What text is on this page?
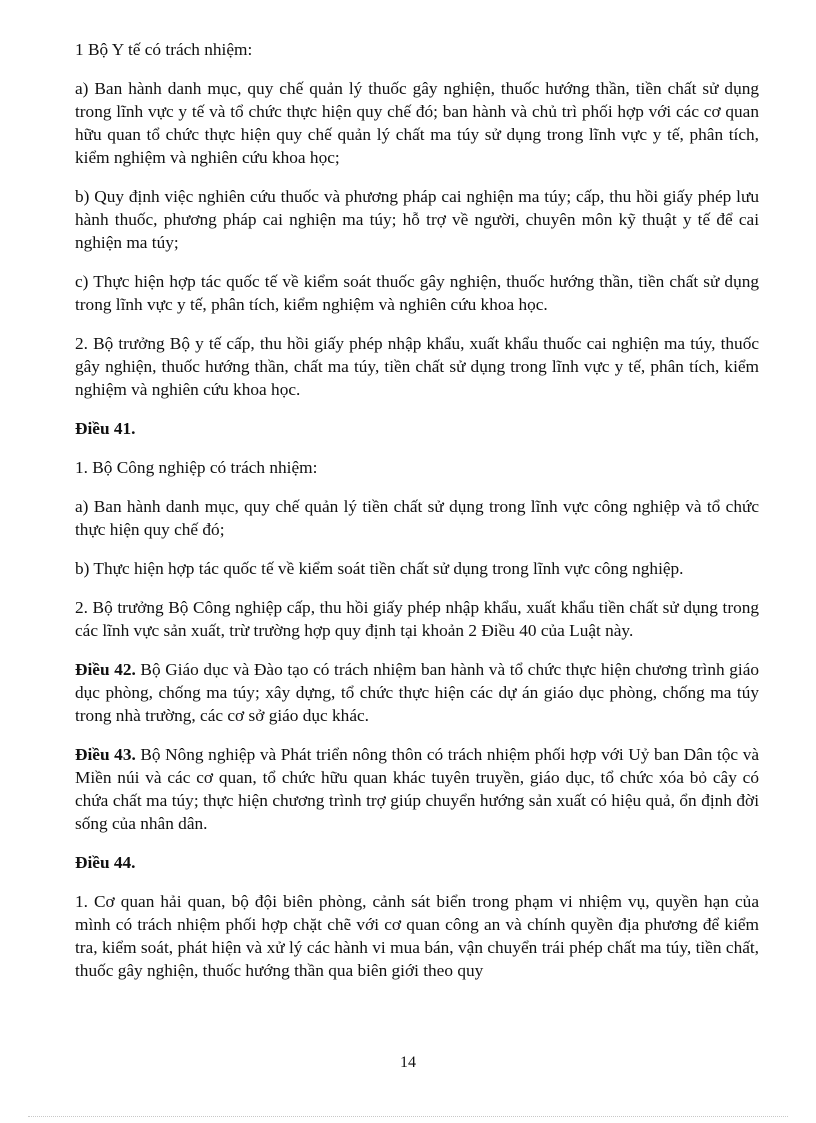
1 Bộ Y tế có trách nhiệm:

a) Ban hành danh mục, quy chế quản lý thuốc gây nghiện, thuốc hướng thần, tiền chất sử dụng trong lĩnh vực y tế và tổ chức thực hiện quy chế đó; ban hành và chủ trì phối hợp với các cơ quan hữu quan tổ chức thực hiện quy chế quản lý chất ma túy sử dụng trong lĩnh vực y tế, phân tích, kiểm nghiệm và nghiên cứu khoa học;

b) Quy định việc nghiên cứu thuốc và phương pháp cai nghiện ma túy; cấp, thu hồi giấy phép lưu hành thuốc, phương pháp cai nghiện ma túy; hỗ trợ về người, chuyên môn kỹ thuật y tế để cai nghiện ma túy;

c) Thực hiện hợp tác quốc tế về kiểm soát thuốc gây nghiện, thuốc hướng thần, tiền chất sử dụng trong lĩnh vực y tế, phân tích, kiểm nghiệm và nghiên cứu khoa học.

2. Bộ trưởng Bộ y tế cấp, thu hồi giấy phép nhập khẩu, xuất khẩu thuốc cai nghiện ma túy, thuốc gây nghiện, thuốc hướng thần, chất ma túy, tiền chất sử dụng trong lĩnh vực y tế, phân tích, kiểm nghiệm và nghiên cứu khoa học.

Điều 41.

1. Bộ Công nghiệp có trách nhiệm:

a) Ban hành danh mục, quy chế quản lý tiền chất sử dụng trong lĩnh vực công nghiệp và tổ chức thực hiện quy chế đó;

b) Thực hiện hợp tác quốc tế về kiểm soát tiền chất sử dụng trong lĩnh vực công nghiệp.

2. Bộ trưởng Bộ Công nghiệp cấp, thu hồi giấy phép nhập khẩu, xuất khẩu tiền chất sử dụng trong các lĩnh vực sản xuất, trừ trường hợp quy định tại khoản 2 Điều 40 của Luật này.

Điều 42. Bộ Giáo dục và Đào tạo có trách nhiệm ban hành và tổ chức thực hiện chương trình giáo dục phòng, chống ma túy; xây dựng, tổ chức thực hiện các dự án giáo dục phòng, chống ma túy trong nhà trường, các cơ sở giáo dục khác.

Điều 43. Bộ Nông nghiệp và Phát triển nông thôn có trách nhiệm phối hợp với Uỷ ban Dân tộc và Miền núi và các cơ quan, tổ chức hữu quan khác tuyên truyền, giáo dục, tổ chức xóa bỏ cây có chứa chất ma túy; thực hiện chương trình trợ giúp chuyển hướng sản xuất có hiệu quả, ổn định đời sống của nhân dân.

Điều 44.

1. Cơ quan hải quan, bộ đội biên phòng, cảnh sát biển trong phạm vi nhiệm vụ, quyền hạn của mình có trách nhiệm phối hợp chặt chẽ với cơ quan công an và chính quyền địa phương để kiểm tra, kiểm soát, phát hiện và xử lý các hành vi mua bán, vận chuyển trái phép chất ma túy, tiền chất, thuốc gây nghiện, thuốc hướng thần qua biên giới theo quy

14
